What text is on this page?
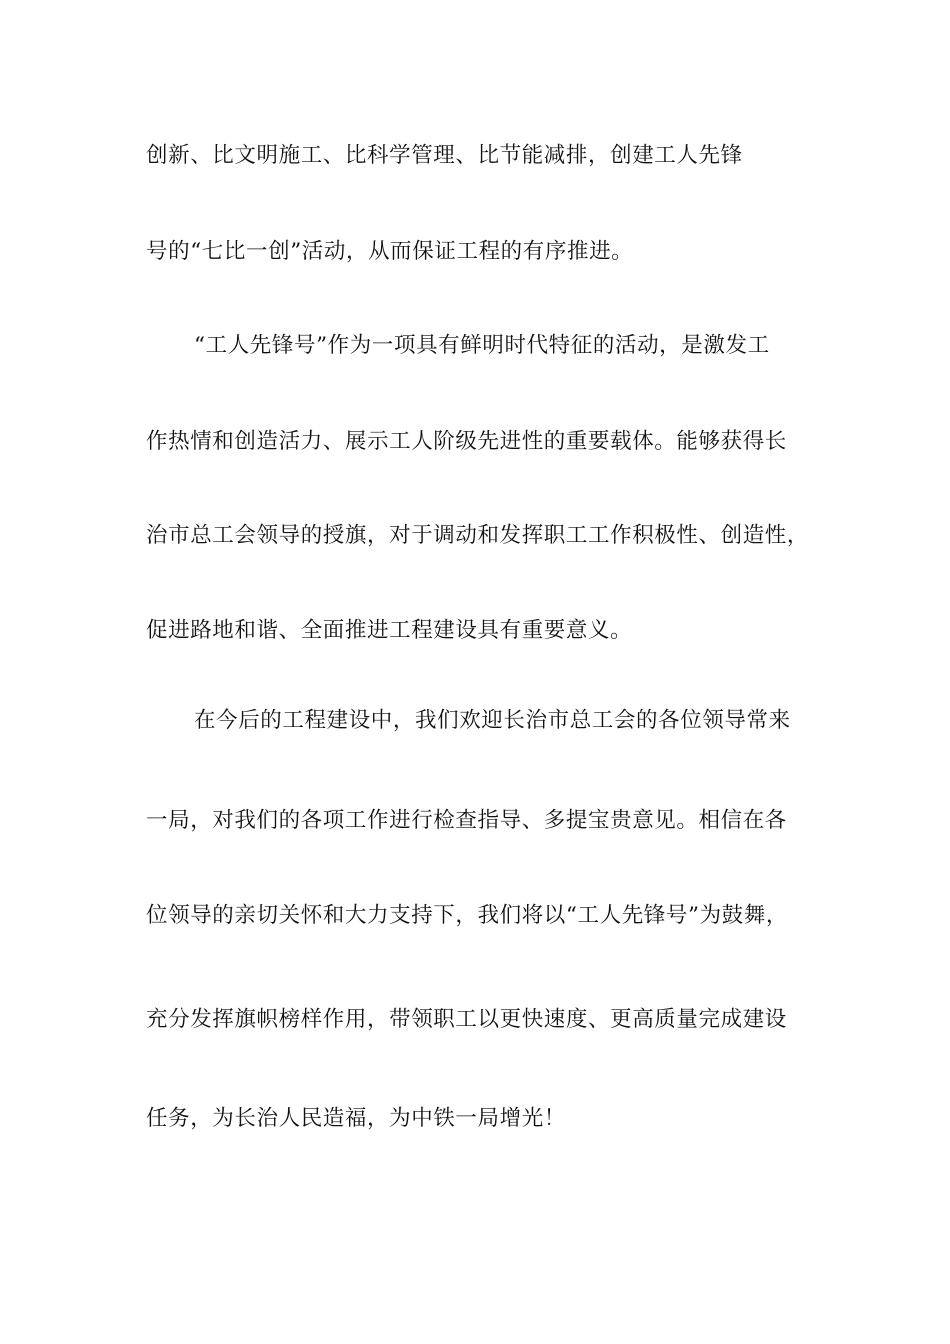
创新、比文明施工、比科学管理、比节能减排，创建工人先锋
号的“七比一创”活动，从而保证工程的有序推进。
“工人先锋号”作为一项具有鲜明时代特征的活动，是激发工
作热情和创造活力、展示工人阶级先进性的重要载体。能够获得长
治市总工会领导的授旗，对于调动和发挥职工工作积极性、创造性，
促进路地和谐、全面推进工程建设具有重要意义。
在今后的工程建设中，我们欢迎长治市总工会的各位领导常来
一局，对我们的各项工作进行检查指导、多提宝贵意见。相信在各
位领导的亲切关怀和大力支持下，我们将以“工人先锋号”为鼓舞，
充分发挥旗帜榜样作用，带领职工以更快速度、更高质量完成建设
任务，为长治人民造福，为中铁一局增光！
